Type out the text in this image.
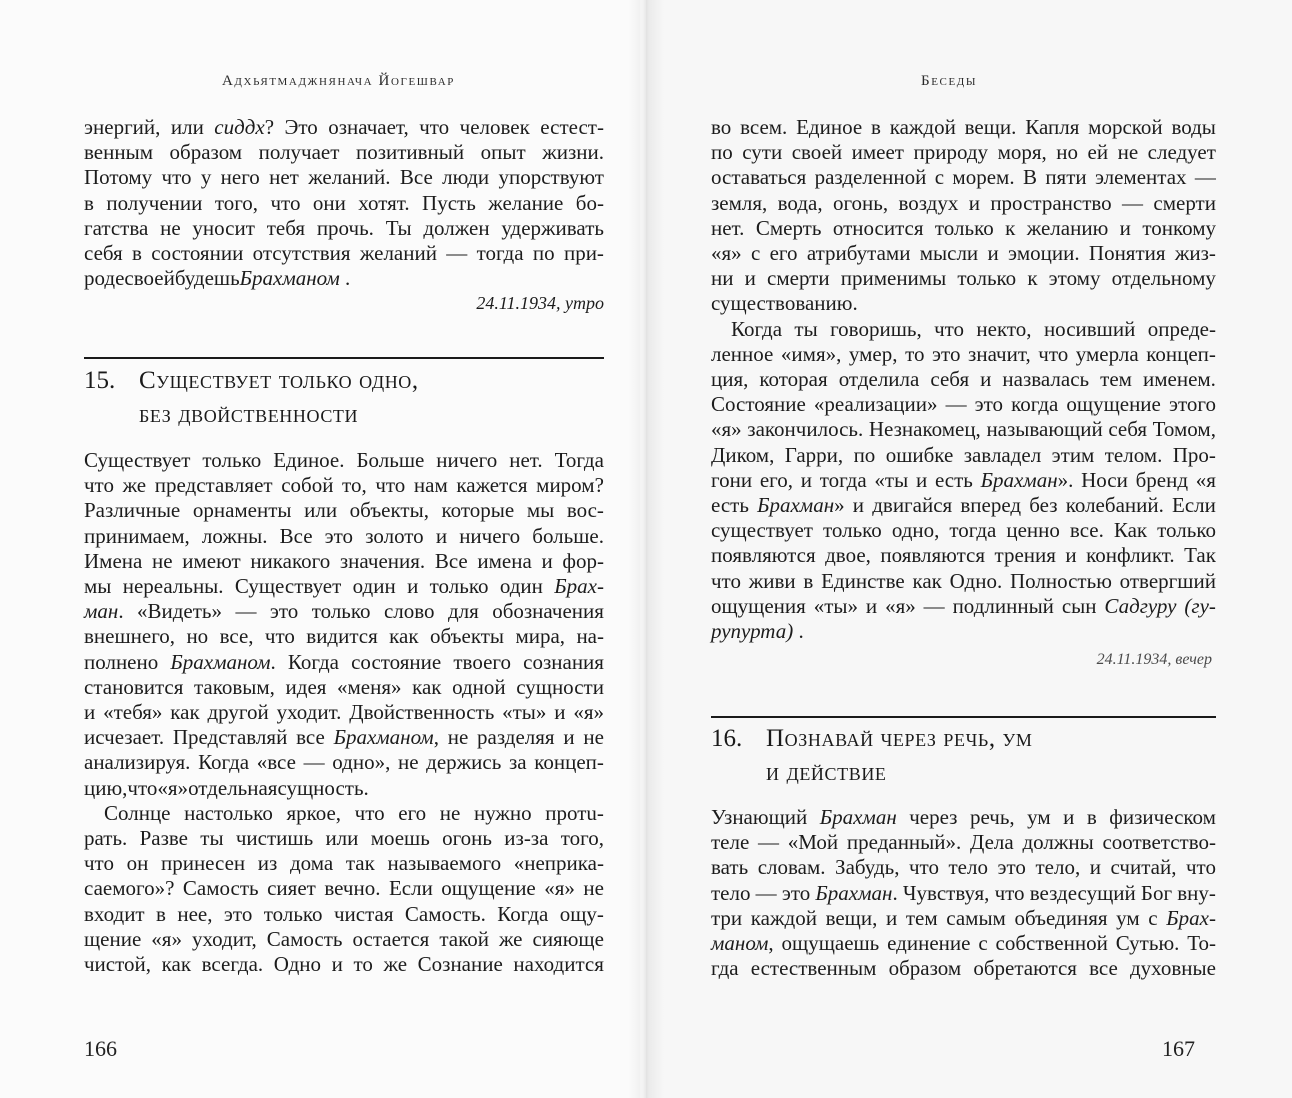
Адхьятмаджнянача Йогешвар	Беседы
энергий, или сиддх? Это означает, что человек естест-
венным образом получает позитивный опыт жизни.
Потому что у него нет желаний. Все люди упорствуют
в получении того, что они хотят. Пусть желание бо-
гатства не уносит тебя прочь. Ты должен удерживать
себя в состоянии отсутствия желаний — тогда по при-
роде своей будешь Брахманом .
24.11.1934, утро
15. Существует только одно,
без двойственности
Существует только Единое. Больше ничего нет. Тогда
что же представляет собой то, что нам кажется миром?
Различные орнаменты или объекты, которые мы вос-
принимаем, ложны. Все это золото и ничего больше.
Имена не имеют никакого значения. Все имена и фор-
мы нереальны. Существует один и только один Брах-
ман. «Видеть» — это только слово для обозначения
внешнего, но все, что видится как объекты мира, на-
полнено Брахманом. Когда состояние твоего сознания
становится таковым, идея «меня» как одной сущности
и «тебя» как другой уходит. Двойственность «ты» и «я»
исчезает. Представляй все Брахманом, не разделяя и не
анализируя. Когда «все — одно», не держись за концеп-
цию, что «я» отдельная сущность.
Солнце настолько яркое, что его не нужно протu-
рать. Разве ты чистишь или моешь огонь из-за того,
что он принесен из дома так называемого «неприка-
саемого»? Самость сияет вечно. Если ощущение «я» не
входит в нее, это только чистая Самость. Когда ощу-
щение «я» уходит, Самость остается такой же сияюще
чистой, как всегда. Одно и то же Сознание находится
166
во всем. Единое в каждой вещи. Капля морской воды
по сути своей имеет природу моря, но ей не следует
оставаться разделенной с морем. В пяти элементах —
земля, вода, огонь, воздух и пространство — смерти
нет. Смерть относится только к желанию и тонкому
«я» с его атрибутами мысли и эмоции. Понятия жиз-
ни и смерти применимы только к этому отдельному
существованию.
Когда ты говоришь, что некто, носивший опреде-
ленное «имя», умер, то это значит, что умерла концеп-
ция, которая отделила себя и назвалась тем именем.
Состояние «реализации» — это когда ощущение этого
«я» закончилось. Незнакомец, называющий себя Томом,
Диком, Гарри, по ошибке завладел этим телом. Про-
гони его, и тогда «ты и есть Брахман». Носи бренд «я
есть Брахман» и двигайся вперед без колебаний. Если
существует только одно, тогда ценно все. Как только
появляются двое, появляются трения и конфликт. Так
что живи в Единстве как Одно. Полностью отвергший
ощущения «ты» и «я» — подлинный сын Садгуру (гу-
рупурта) .
24.11.1934, вечер
16. Познавай через речь, ум
и действие
Узнающий Брахман через речь, ум и в физическом
теле — «Мой преданный». Дела должны соответство-
вать словам. Забудь, что тело это тело, и считай, что
тело — это Брахман. Чувствуя, что вездесущий Бог вну-
три каждой вещи, и тем самым объединяя ум с Брах-
маном, ощущаешь единение с собственной Сутью. То-
гда естественным образом обретаются все духовные
167
